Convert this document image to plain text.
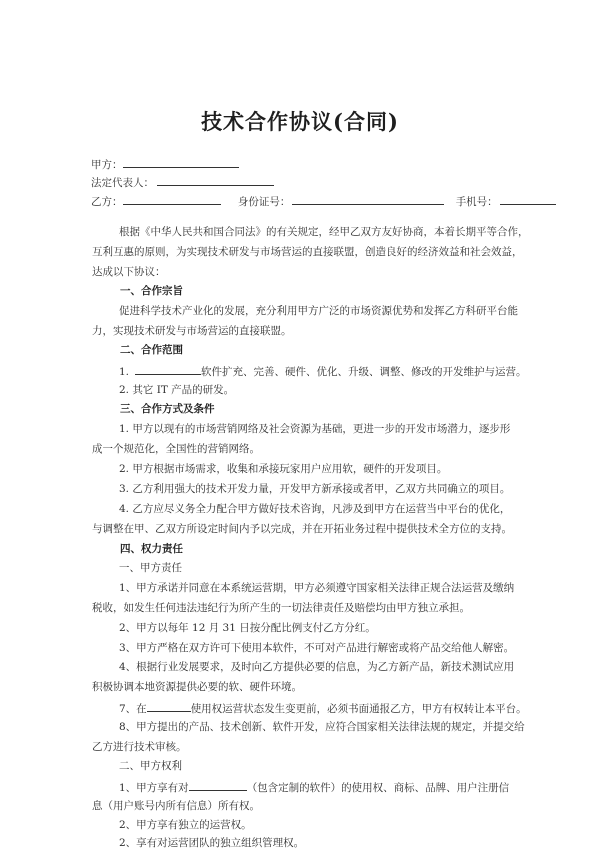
技术合作协议(合同)
甲方：
法定代表人：
乙方：	身份证号：	手机号：
根据《中华人民共和国合同法》的有关规定，经甲乙双方友好协商，本着长期平等合作，
互利互惠的原则，为实现技术研发与市场营运的直接联盟，创造良好的经济效益和社会效益，
达成以下协议：
一、合作宗旨
促进科学技术产业化的发展，充分利用甲方广泛的市场资源优势和发挥乙方科研平台能
力，实现技术研发与市场营运的直接联盟。
二、合作范围
1.	软件扩充、完善、硬件、优化、升级、调整、修改的开发维护与运营。
2. 其它 IT 产品的研发。
三、合作方式及条件
1. 甲方以现有的市场营销网络及社会资源为基础，更进一步的开发市场潜力，逐步形
成一个规范化，全国性的营销网络。
2. 甲方根据市场需求，收集和承接玩家用户应用软，硬件的开发项目。
3. 乙方利用强大的技术开发力量，开发甲方新承接或者甲，乙双方共同确立的项目。
4. 乙方应尽义务全力配合甲方做好技术咨询，凡涉及到甲方在运营当中平台的优化，
与调整在甲、乙双方所设定时间内予以完成，并在开拓业务过程中提供技术全方位的支持。
四、权力责任
一、甲方责任
1、甲方承诺并同意在本系统运营期，甲方必须遵守国家相关法律正规合法运营及缴纳
税收，如发生任何违法违纪行为所产生的一切法律责任及赔偿均由甲方独立承担。
2、甲方以每年 12 月 31 日按分配比例支付乙方分红。
3、甲方严格在双方许可下使用本软件，不可对产品进行解密或将产品交给他人解密。
4、根据行业发展要求，及时向乙方提供必要的信息，为乙方新产品，新技术测试应用
积极协调本地资源提供必要的软、硬件环境。
7、在	使用权运营状态发生变更前，必须书面通报乙方，甲方有权转让本平台。
8、甲方提出的产品、技术创新、软件开发，应符合国家相关法律法规的规定，并提交给
乙方进行技术审核。
二、甲方权利
1、甲方享有对	（包含定制的软件）的使用权、商标、品牌、用户注册信
息（用户账号内所有信息）所有权。
2、甲方享有独立的运营权。
2、享有对运营团队的独立组织管理权。
